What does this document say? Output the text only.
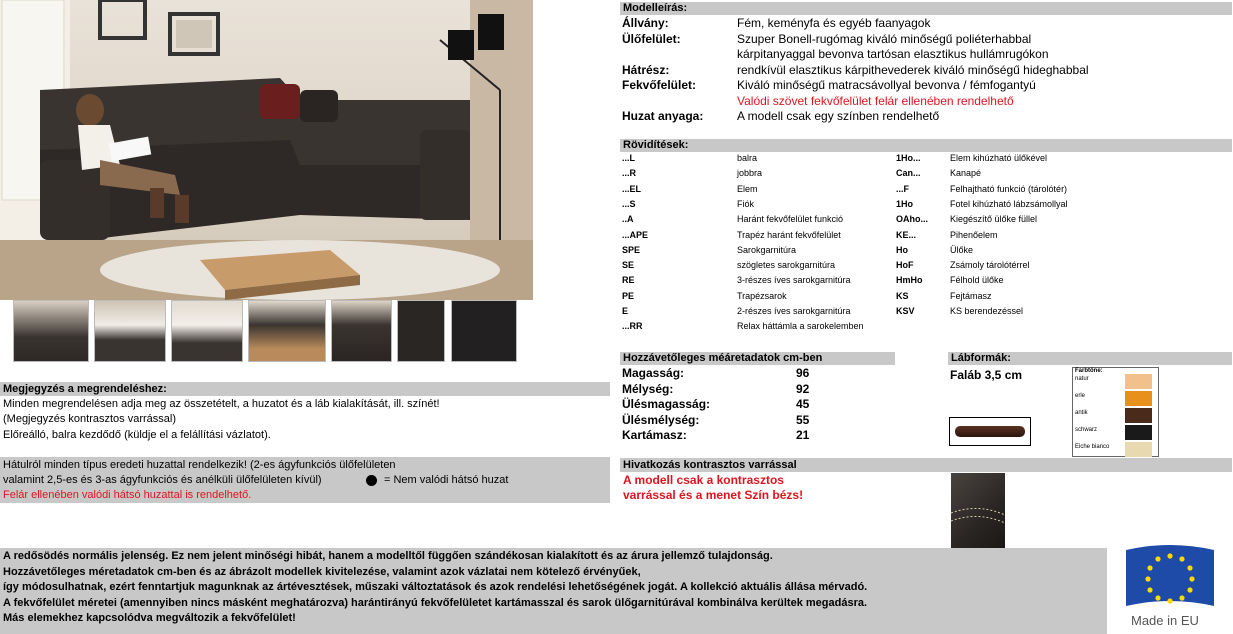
Megjegyzés a megrendeléshez:
Minden megrendelésen adja meg az összetételt, a huzatot és a láb kialakítását, ill. színét!
(Megjegyzés kontrasztos varrással)
Előreálló, balra kezdődő (küldje el a felállítási vázlatot).
Hátulról minden típus eredeti huzattal rendelkezik! (2-es ágyfunkciós ülőfelületen
valamint 2,5-es és 3-as ágyfunkciós és anélküli ülőfelületen kívül)	= Nem valódi hátsó huzat
Felár ellenében valódi hátsó huzattal is rendelhető.
Modelleírás:
Állvány:	Fém, keményfa és egyéb faanyagok
Ülőfelület:	Szuper Bonell-rugómag kiváló minőségű poliéterhabbal
kárpitanyaggal bevonva tartósan elasztikus hullámrugókon
Hátrész:	rendkívül elasztikus kárpithevederek kiváló minőségű hideghabbal
Fekvőfelület:	Kiváló minőségű matracsávollyal bevonva / fémfogantyú
Valódi szövet fekvőfelület felár ellenében rendelhető
Huzat anyaga:	A modell csak egy színben rendelhető
Rövidítések:
...L	balra	1Ho...	Elem kihúzható ülőkével
...R	jobbra	Can...	Kanapé
...EL	Elem	...F	Felhajtható funkció (tárolótér)
...S	Fiók	1Ho	Fotel kihúzható lábzsámollyal
..A	Haránt fekvőfelület funkció	OAho... Kiegészítő ülőke füllel
...APE	Trapéz haránt fekvőfelület	KE...	Pihenőelem
SPE	Sarokgarnitúra	Ho	Ülőke
SE	szögletes sarokgarnitúra	HoF	Zsámoly tárolótérrel
RE	3-részes íves sarokgarnitúra	HmHo	Félhold ülőke
PE	Trapézsarok	KS	Fejtámasz
E	2-részes íves sarokgarnitúra	KSV	KS berendezéssel
...RR	Relax háttámla a sarokelemben
Hozzávetőleges méáretadatok cm-ben
Magasság:	96
Mélység:	92
Ülésmagasság:	45
Ülésmélység:	55
Kartámasz:	21
Lábformák:
Faláb 3,5 cm	Farbtöne:
natur
erle
antik
schwarz
Eiche bianco
Hivatkozás kontrasztos varrással
A modell csak a kontrasztos
varrással és a menet Szín bézs!
A redősödés normális jelenség. Ez nem jelent minőségi hibát, hanem a modelltől függően szándékosan kialakított és az árura jellemző tulajdonság.
Hozzávetőleges méretadatok cm-ben és az ábrázolt modellek kivitelezése, valamint azok vázlatai nem kötelező érvényűek,
így módosulhatnak, ezért fenntartjuk magunknak az ártévesztések, műszaki változtatások és azok rendelési lehetőségének jogát. A kollekció aktuális állása mérvadó.
A fekvőfelület méretei (amennyiben nincs másként meghatározva) harántirányú fekvőfelületet kartámasszal és sarok ülőgarnitúrával kombinálva kerültek megadásra.
Más elemekhez kapcsolódva megváltozik a fekvőfelület!	Made in EU
